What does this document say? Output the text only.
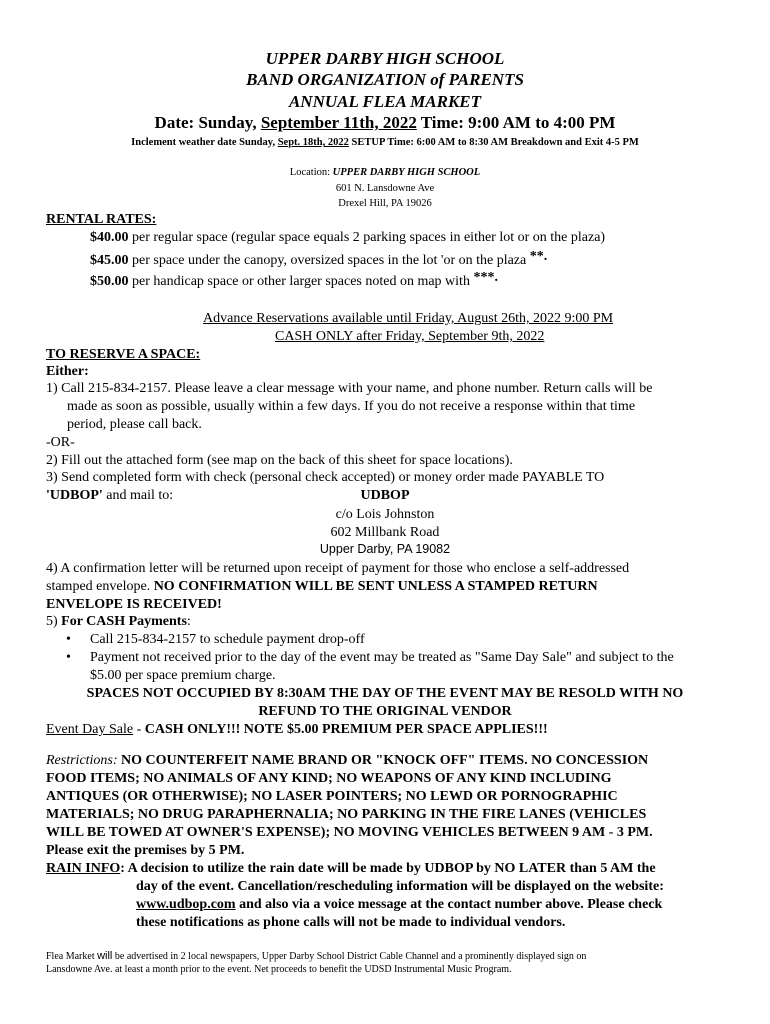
UPPER DARBY HIGH SCHOOL
BAND ORGANIZATION of PARENTS
ANNUAL FLEA MARKET
Date: Sunday, September 11th, 2022 Time: 9:00 AM to 4:00 PM
Inclement weather date Sunday, Sept. 18th, 2022 SETUP Time: 6:00 AM to 8:30 AM Breakdown and Exit 4-5 PM
Location: UPPER DARBY HIGH SCHOOL
601 N. Lansdowne Ave
Drexel Hill, PA 19026
RENTAL RATES:
$40.00 per regular space (regular space equals 2 parking spaces in either lot or on the plaza)
$45.00 per space under the canopy, oversized spaces in the lot 'or on the plaza **.
$50.00 per handicap space or other larger spaces noted on map with ***.
Advance Reservations available until Friday, August 26th, 2022 9:00 PM
CASH ONLY after Friday, September 9th, 2022
TO RESERVE A SPACE:
Either:
1) Call 215-834-2157. Please leave a clear message with your name, and phone number. Return calls will be
made as soon as possible, usually within a few days. If you do not receive a response within that time
period, please call back.
-OR-
2) Fill out the attached form (see map on the back of this sheet for space locations).
3) Send completed form with check (personal check accepted) or money order made PAYABLE TO
'UDBOP' and mail to:	UDBOP
c/o Lois Johnston
602 Millbank Road
Upper Darby, PA 19082
4) A confirmation letter will be returned upon receipt of payment for those who enclose a self-addressed
stamped envelope. NO CONFIRMATION WILL BE SENT UNLESS A STAMPED RETURN
ENVELOPE IS RECEIVED!
5) For CASH Payments:
• Call 215-834-2157 to schedule payment drop-off
• Payment not received prior to the day of the event may be treated as "Same Day Sale" and subject to the
$5.00 per space premium charge.
SPACES NOT OCCUPIED BY 8:30AM THE DAY OF THE EVENT MAY BE RESOLD WITH NO
REFUND TO THE ORIGINAL VENDOR
Event Day Sale - CASH ONLY!!! NOTE $5.00 PREMIUM PER SPACE APPLIES!!!
Restrictions: NO COUNTERFEIT NAME BRAND OR "KNOCK OFF" ITEMS. NO CONCESSION
FOOD ITEMS; NO ANIMALS OF ANY KIND; NO WEAPONS OF ANY KIND INCLUDING
ANTIQUES (OR OTHERWISE); NO LASER POINTERS; NO LEWD OR PORNOGRAPHIC
MATERIALS; NO DRUG PARAPHERNALIA; NO PARKING IN THE FIRE LANES (VEHICLES
WILL BE TOWED AT OWNER'S EXPENSE); NO MOVING VEHICLES BETWEEN 9 AM - 3 PM.
Please exit the premises by 5 PM.
RAIN INFO: A decision to utilize the rain date will be made by UDBOP by NO LATER than 5 AM the
day of the event. Cancellation/rescheduling information will be displayed on the website:
www.udbop.com and also via a voice message at the contact number above. Please check
these notifications as phone calls will not be made to individual vendors.
Flea Market will be advertised in 2 local newspapers, Upper Darby School District Cable Channel and a prominently displayed sign on
Lansdowne Ave. at least a month prior to the event. Net proceeds to benefit the UDSD Instrumental Music Program.
